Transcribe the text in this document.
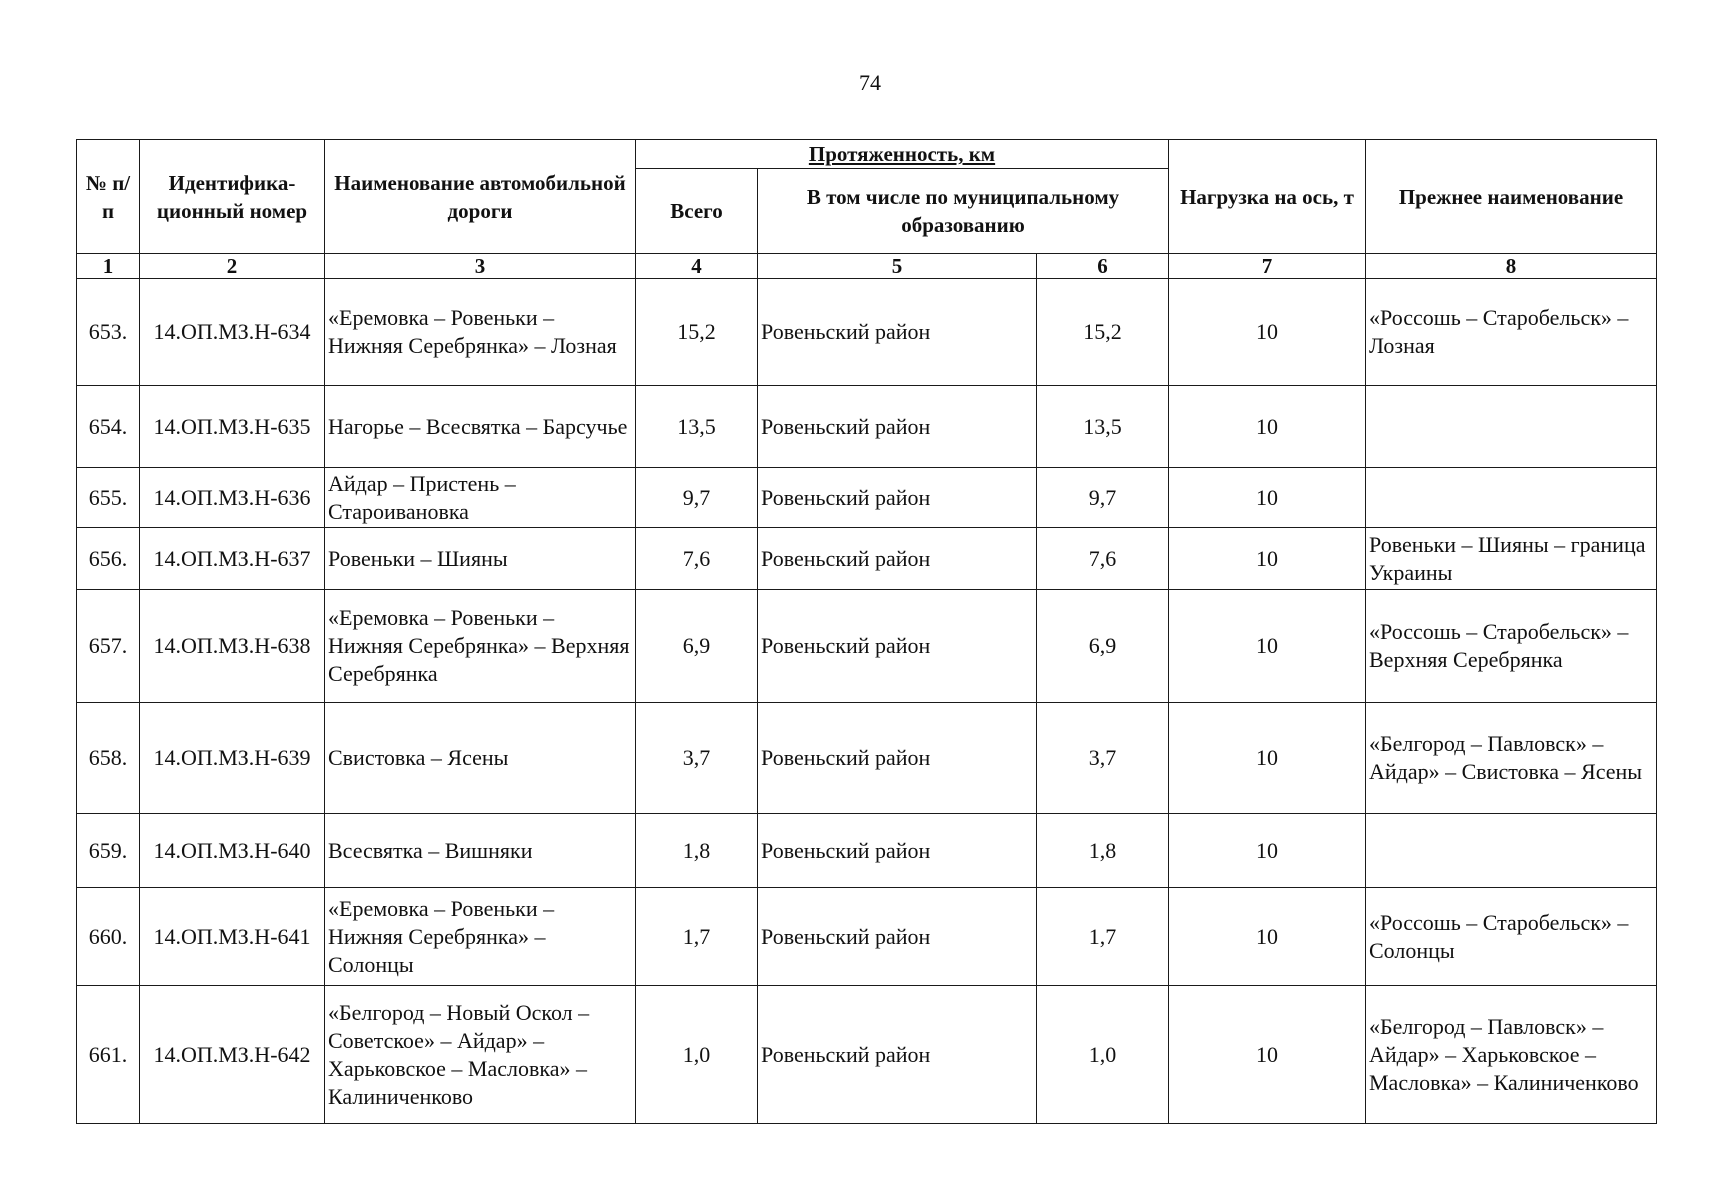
74
№ п/п	Идентифика-ционный номер	Наименование автомобильной дороги	Протяженность, км			Нагрузка на ось, т	Прежнее наименование
			Всего	В том числе по муниципальному образованию			
1	2	3	4	5	6	7	8
653.	14.ОП.МЗ.Н-634	«Еремовка – Ровеньки – Нижняя Серебрянка» – Лозная	15,2	Ровеньский район	15,2	10	«Россошь – Старобельск» – Лозная
654.	14.ОП.МЗ.Н-635	Нагорье – Всесвятка – Барсучье	13,5	Ровеньский район	13,5	10	
655.	14.ОП.МЗ.Н-636	Айдар – Пристень – Староивановка	9,7	Ровеньский район	9,7	10	
656.	14.ОП.МЗ.Н-637	Ровеньки – Шияны	7,6	Ровеньский район	7,6	10	Ровеньки – Шияны – граница Украины
657.	14.ОП.МЗ.Н-638	«Еремовка – Ровеньки – Нижняя Серебрянка» – Верхняя Серебрянка	6,9	Ровеньский район	6,9	10	«Россошь – Старобельск» – Верхняя Серебрянка
658.	14.ОП.МЗ.Н-639	Свистовка – Ясены	3,7	Ровеньский район	3,7	10	«Белгород – Павловск» – Айдар» – Свистовка – Ясены
659.	14.ОП.МЗ.Н-640	Всесвятка – Вишняки	1,8	Ровеньский район	1,8	10	
660.	14.ОП.МЗ.Н-641	«Еремовка – Ровеньки – Нижняя Серебрянка» – Солонцы	1,7	Ровеньский район	1,7	10	«Россошь – Старобельск» – Солонцы
661.	14.ОП.МЗ.Н-642	«Белгород – Новый Оскол – Советское» – Айдар» – Харьковское – Масловка» – Калиниченково	1,0	Ровеньский район	1,0	10	«Белгород – Павловск» – Айдар» – Харьковское – Масловка» – Калиниченково
